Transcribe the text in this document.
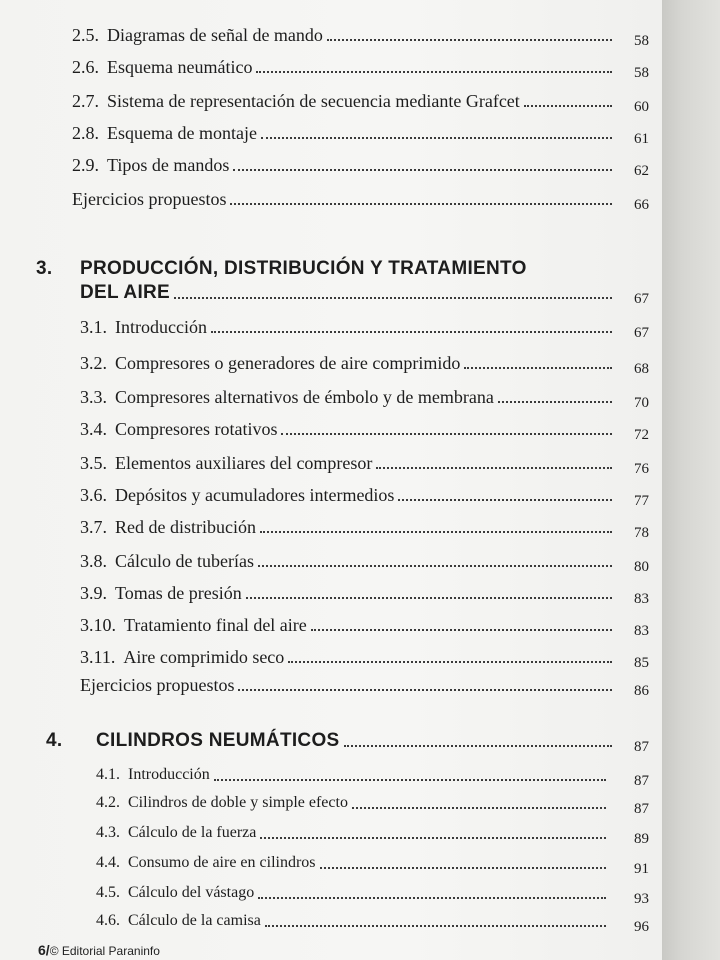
2.5. Diagramas de señal de mando	58
2.6. Esquema neumático	58
2.7. Sistema de representación de secuencia mediante Grafcet	60
2.8. Esquema de montaje	61
2.9. Tipos de mandos	62
Ejercicios propuestos	66
3.	PRODUCCIÓN, DISTRIBUCIÓN Y TRATAMIENTO
DEL AIRE	67
3.1. Introducción	67
3.2. Compresores o generadores de aire comprimido	68
3.3. Compresores alternativos de émbolo y de membrana	70
3.4. Compresores rotativos	72
3.5. Elementos auxiliares del compresor	76
3.6. Depósitos y acumuladores intermedios	77
3.7. Red de distribución	78
3.8. Cálculo de tuberías	80
3.9. Tomas de presión	83
3.10. Tratamiento final del aire	83
3.11. Aire comprimido seco	85
Ejercicios propuestos	86
4.	CILINDROS NEUMÁTICOS	87
4.1. Introducción	87
4.2. Cilindros de doble y simple efecto	87
4.3. Cálculo de la fuerza	89
4.4. Consumo de aire en cilindros	91
4.5. Cálculo del vástago	93
4.6. Cálculo de la camisa	96
6/© Editorial Paraninfo
